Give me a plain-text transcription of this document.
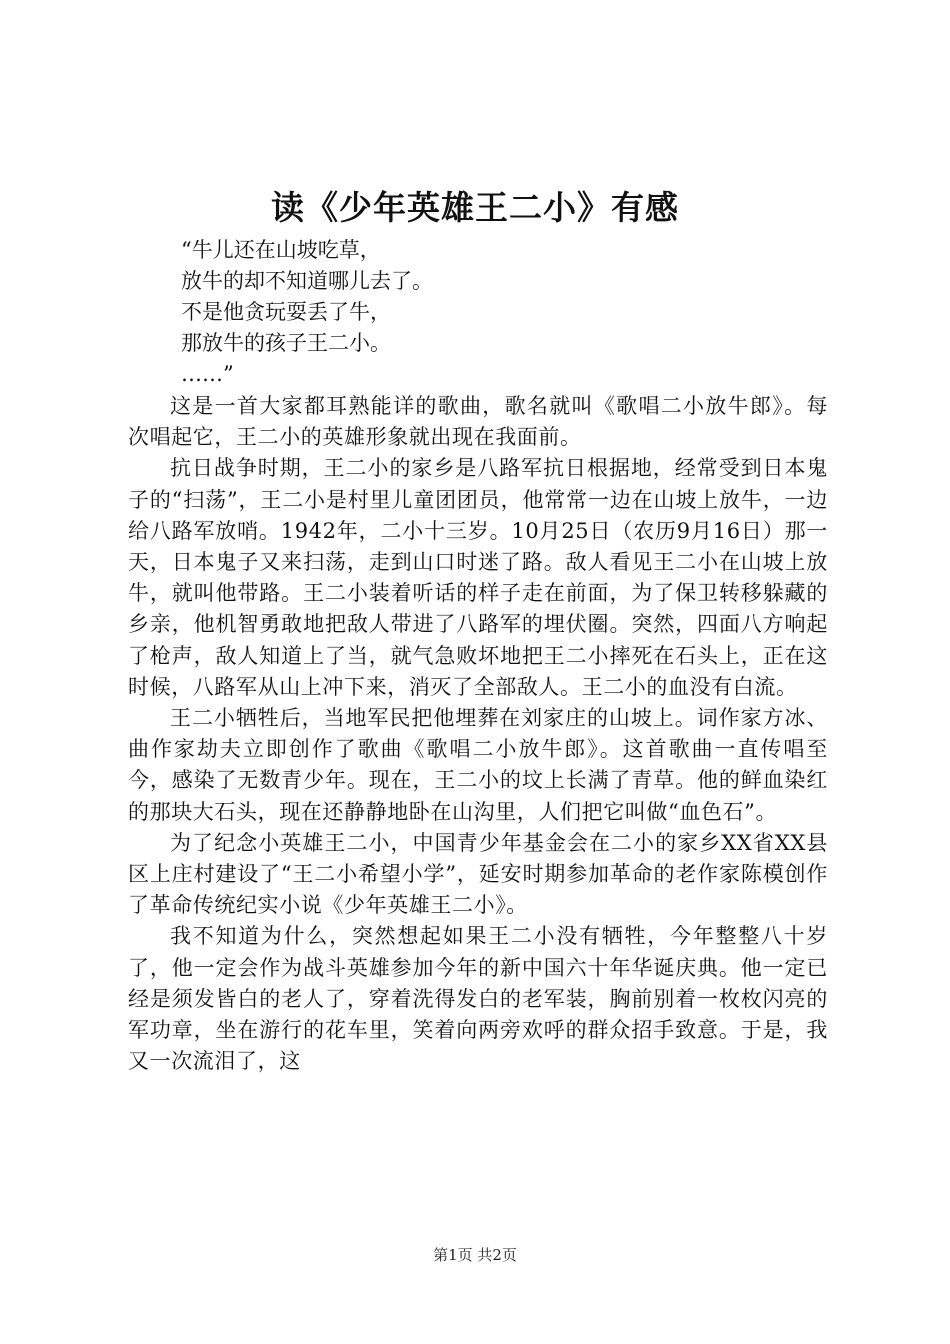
读《少年英雄王二小》有感
“牛儿还在山坡吃草，
放牛的却不知道哪儿去了。
不是他贪玩耍丢了牛，
那放牛的孩子王二小。
……”

这是一首大家都耳熟能详的歌曲，歌名就叫《歌唱二小放牛郎》。每次唱起它，王二小的英雄形象就出现在我面前。

抗日战争时期，王二小的家乡是八路军抗日根据地，经常受到日本鬼子的“扫荡”，王二小是村里儿童团团员，他常常一边在山坡上放牛，一边给八路军放哨。1942年，二小十三岁。10月25日（农历9月16日）那一天，日本鬼子又来扫荡，走到山口时迷了路。敌人看见王二小在山坡上放牛，就叫他带路。王二小装着听话的样子走在前面，为了保卫转移躲藏的乡亲，他机智勇敢地把敌人带进了八路军的埋伏圈。突然，四面八方响起了枪声，敌人知道上了当，就气急败坏地把王二小摔死在石头上，正在这时候，八路军从山上冲下来，消灭了全部敌人。王二小的血没有白流。

王二小牺牲后，当地军民把他埋葬在刘家庄的山坡上。词作家方冰、曲作家劫夫立即创作了歌曲《歌唱二小放牛郎》。这首歌曲一直传唱至今，感染了无数青少年。现在，王二小的坟上长满了青草。他的鲜血染红的那块大石头，现在还静静地卧在山沟里，人们把它叫做“血色石”。

为了纪念小英雄王二小，中国青少年基金会在二小的家乡XX省XX县区上庄村建设了“王二小希望小学”，延安时期参加革命的老作家陈模创作了革命传统纪实小说《少年英雄王二小》。

我不知道为什么，突然想起如果王二小没有牺牲，今年整整八十岁了，他一定会作为战斗英雄参加今年的新中国六十年华诞庆典。他一定已经是须发皆白的老人了，穿着洗得发白的老军装，胸前别着一枚枚闪亮的军功章，坐在游行的花车里，笑着向两旁欢呼的群众招手致意。于是，我又一次流泪了，这

第1页 共2页
